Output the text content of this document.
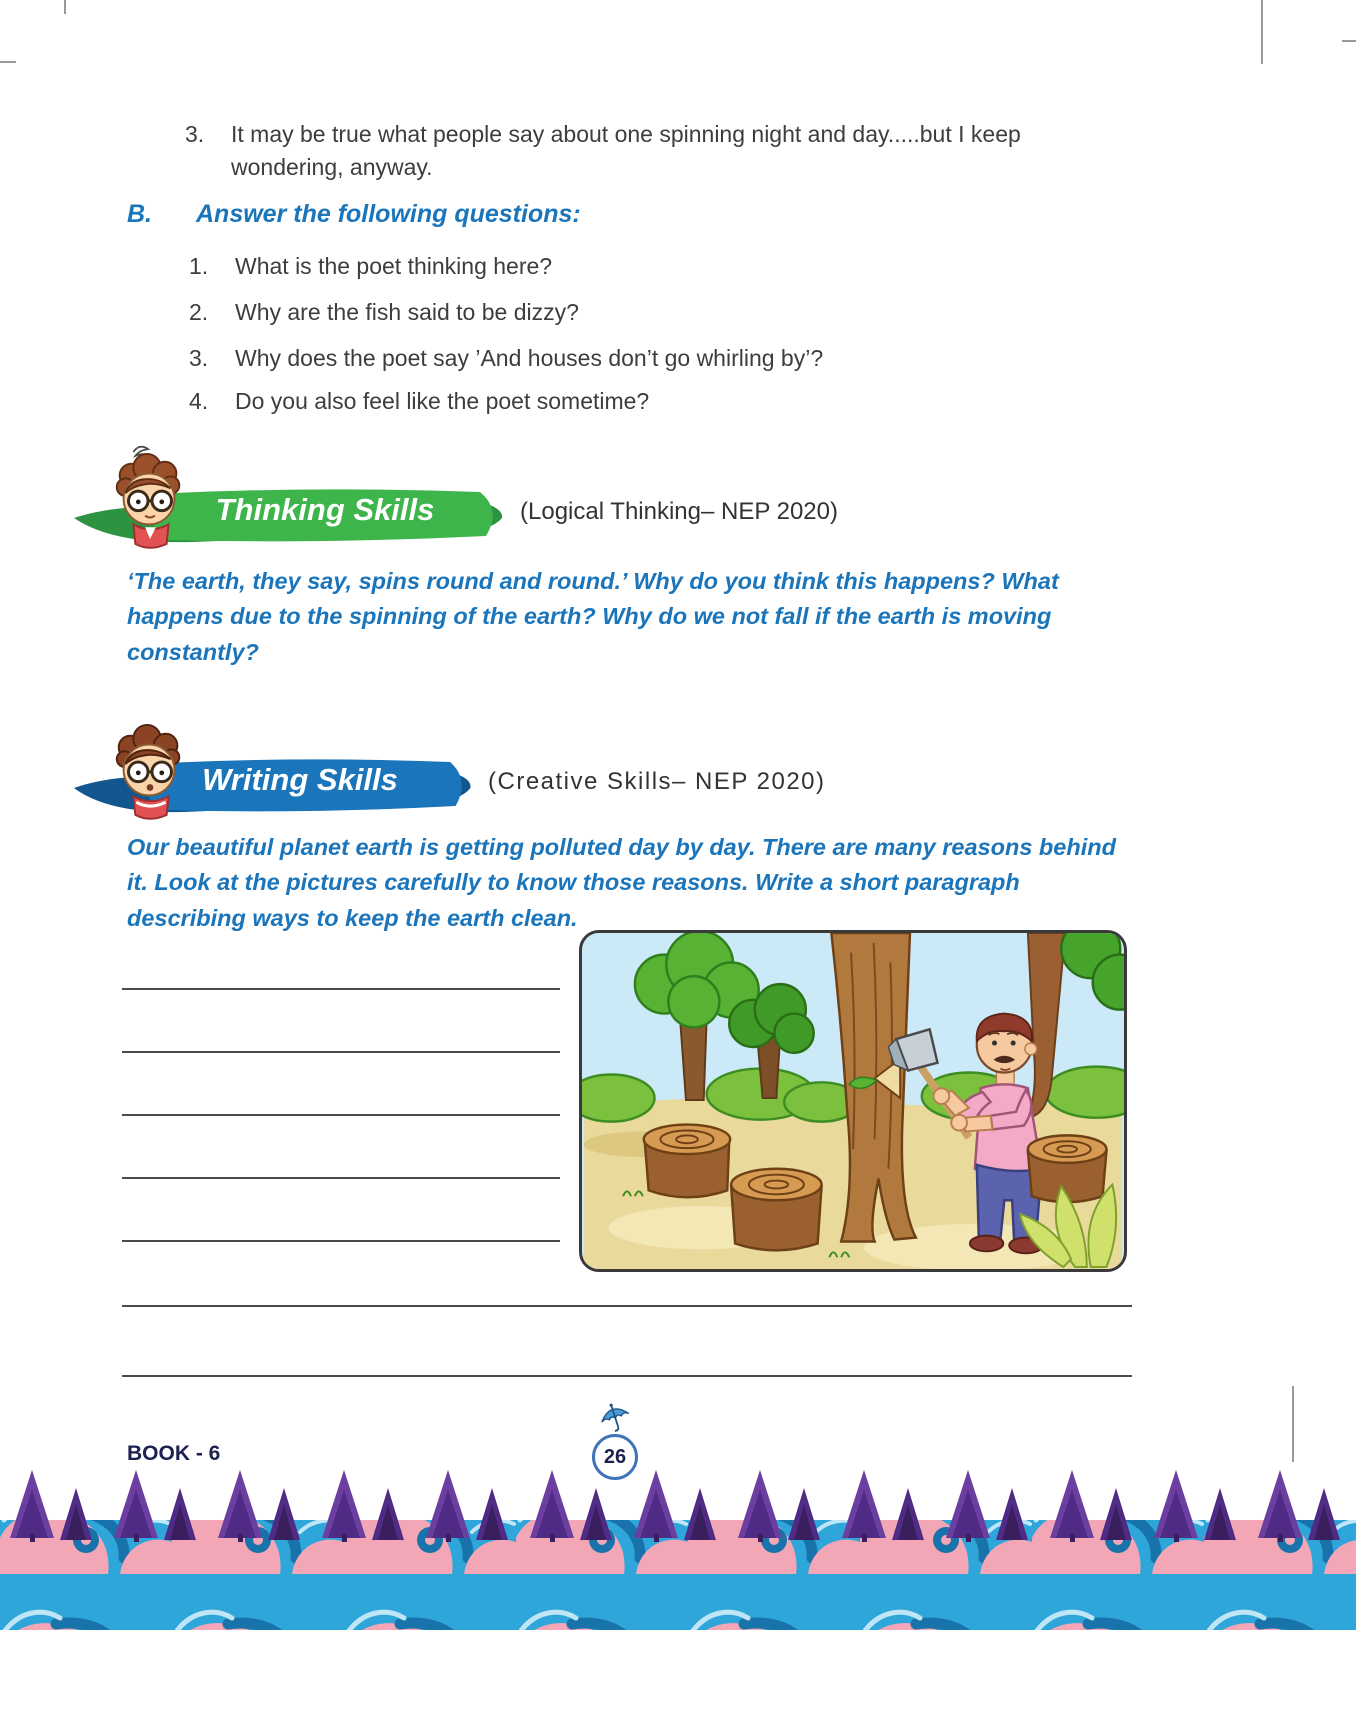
3.	It may be true what people say about one spinning night and day.....but I keep wondering, anyway.
B.	Answer the following questions:
1.	What is the poet thinking here?
2.	Why are the fish said to be dizzy?
3.	Why does the poet say ’And houses don’t go whirling by’?
4.	Do you also feel like the poet sometime?
Thinking Skills	(Logical Thinking– NEP 2020)

‘The earth, they say, spins round and round.’ Why do you think this happens? What happens due to the spinning of the earth? Why do we not fall if the earth is moving constantly?

Writing Skills	(Creative Skills– NEP 2020)

Our beautiful planet earth is getting polluted day by day. There are many reasons behind it. Look at the pictures carefully to know those reasons. Write a short paragraph describing ways to keep the earth clean.

BOOK - 6	26
